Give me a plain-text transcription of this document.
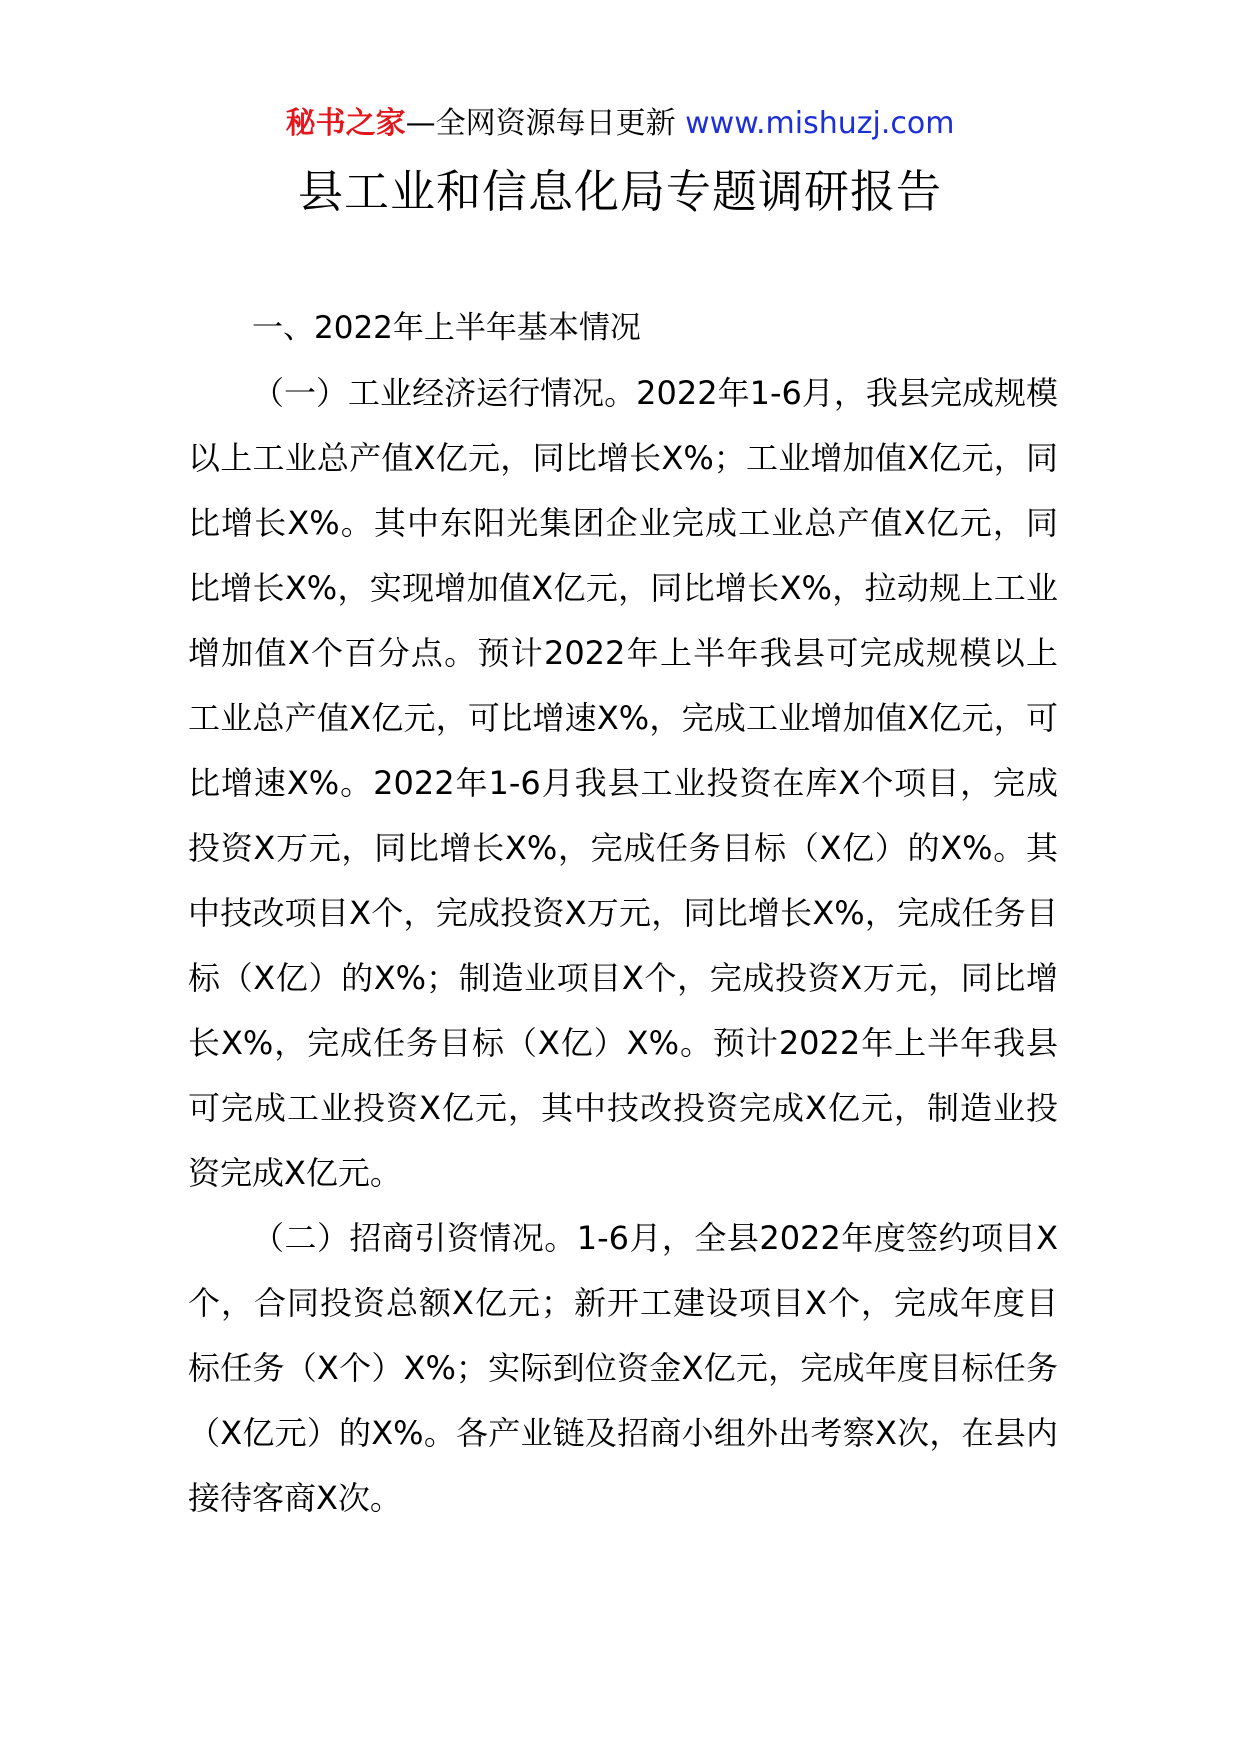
秘书之家—全网资源每日更新 www.mishuzj.com
县工业和信息化局专题调研报告

一、2022年上半年基本情况

（一）工业经济运行情况。2022年1-6月，我县完成规模以上工业总产值X亿元，同比增长X%；工业增加值X亿元，同比增长X%。其中东阳光集团企业完成工业总产值X亿元，同比增长X%，实现增加值X亿元，同比增长X%，拉动规上工业增加值X个百分点。预计2022年上半年我县可完成规模以上工业总产值X亿元，可比增速X%，完成工业增加值X亿元，可比增速X%。2022年1-6月我县工业投资在库X个项目，完成投资X万元，同比增长X%，完成任务目标（X亿）的X%。其中技改项目X个，完成投资X万元，同比增长X%，完成任务目标（X亿）的X%；制造业项目X个，完成投资X万元，同比增长X%，完成任务目标（X亿）X%。预计2022年上半年我县可完成工业投资X亿元，其中技改投资完成X亿元，制造业投资完成X亿元。

（二）招商引资情况。1-6月，全县2022年度签约项目X个，合同投资总额X亿元；新开工建设项目X个，完成年度目标任务（X个）X%；实际到位资金X亿元，完成年度目标任务（X亿元）的X%。各产业链及招商小组外出考察X次，在县内接待客商X次。
